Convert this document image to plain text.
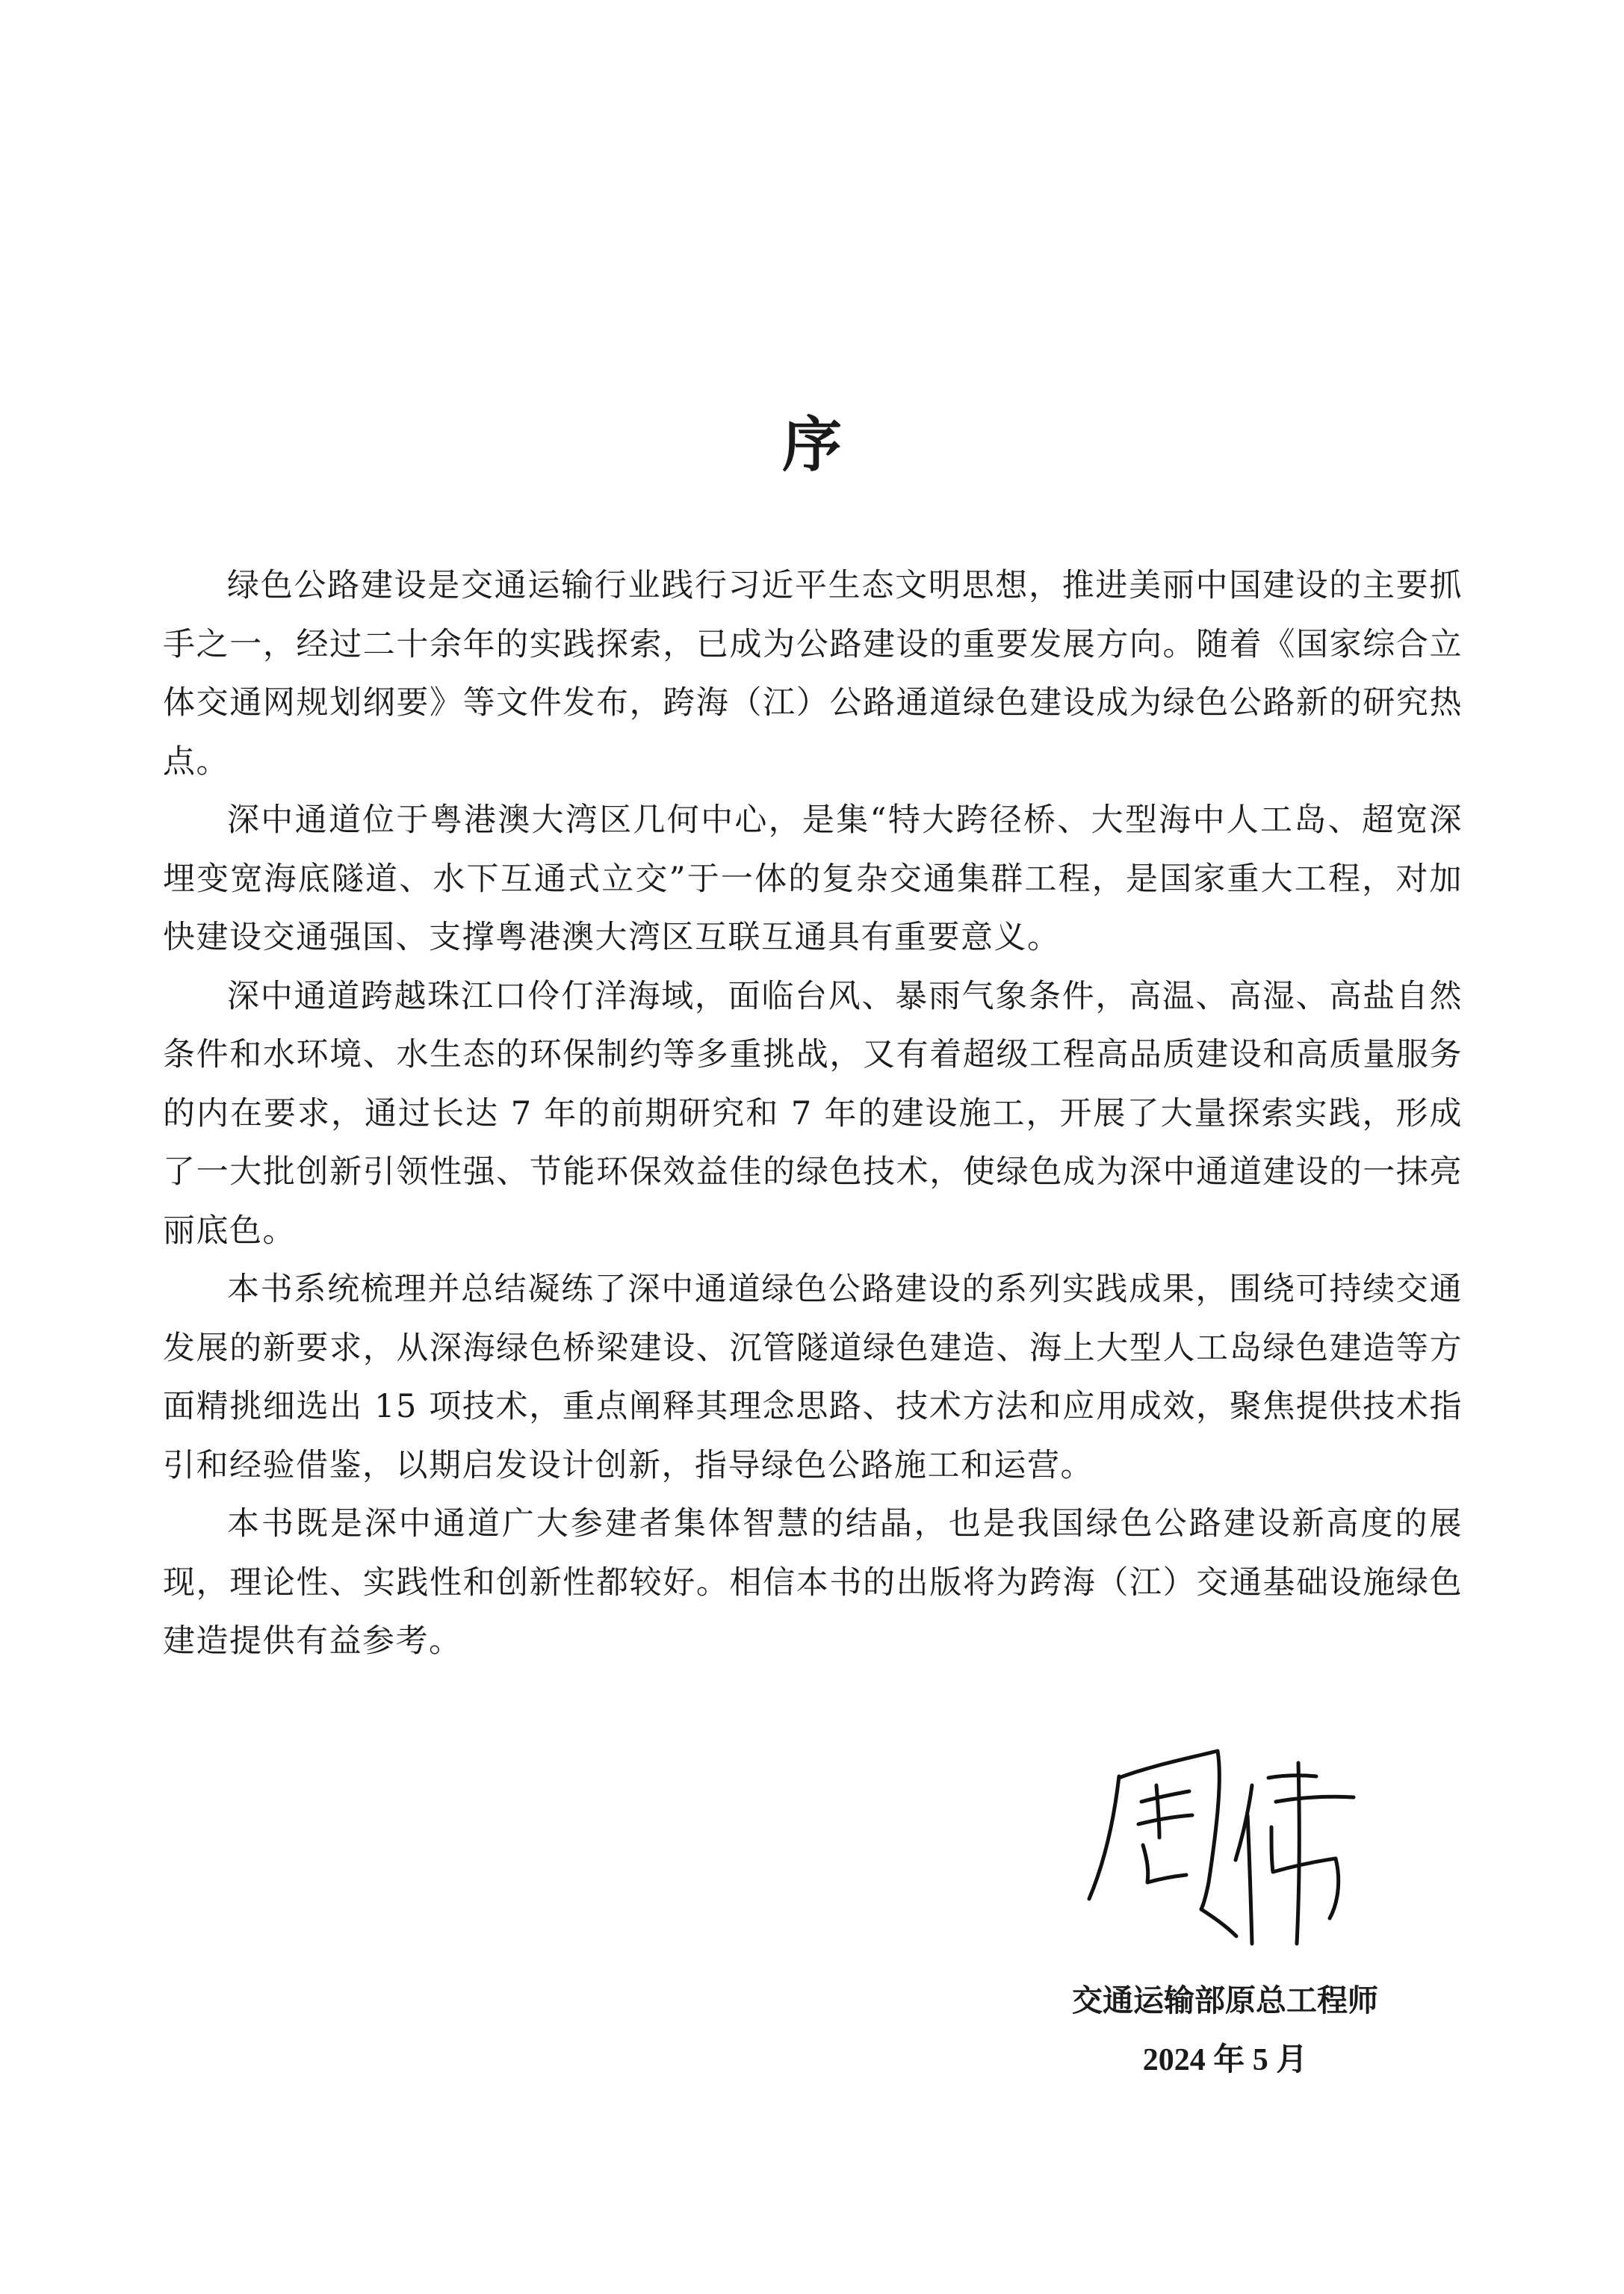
序

绿色公路建设是交通运输行业践行习近平生态文明思想，推进美丽中国建设的主要抓手之一，经过二十余年的实践探索，已成为公路建设的重要发展方向。随着《国家综合立体交通网规划纲要》等文件发布，跨海（江）公路通道绿色建设成为绿色公路新的研究热点。

深中通道位于粤港澳大湾区几何中心，是集“特大跨径桥、大型海中人工岛、超宽深埋变宽海底隧道、水下互通式立交”于一体的复杂交通集群工程，是国家重大工程，对加快建设交通强国、支撑粤港澳大湾区互联互通具有重要意义。

深中通道跨越珠江口伶仃洋海域，面临台风、暴雨气象条件，高温、高湿、高盐自然条件和水环境、水生态的环保制约等多重挑战，又有着超级工程高品质建设和高质量服务的内在要求，通过长达 7 年的前期研究和 7 年的建设施工，开展了大量探索实践，形成了一大批创新引领性强、节能环保效益佳的绿色技术，使绿色成为深中通道建设的一抹亮丽底色。

本书系统梳理并总结凝练了深中通道绿色公路建设的系列实践成果，围绕可持续交通发展的新要求，从深海绿色桥梁建设、沉管隧道绿色建造、海上大型人工岛绿色建造等方面精挑细选出 15 项技术，重点阐释其理念思路、技术方法和应用成效，聚焦提供技术指引和经验借鉴，以期启发设计创新，指导绿色公路施工和运营。

本书既是深中通道广大参建者集体智慧的结晶，也是我国绿色公路建设新高度的展现，理论性、实践性和创新性都较好。相信本书的出版将为跨海（江）交通基础设施绿色建造提供有益参考。

交通运输部原总工程师
2024 年 5 月
